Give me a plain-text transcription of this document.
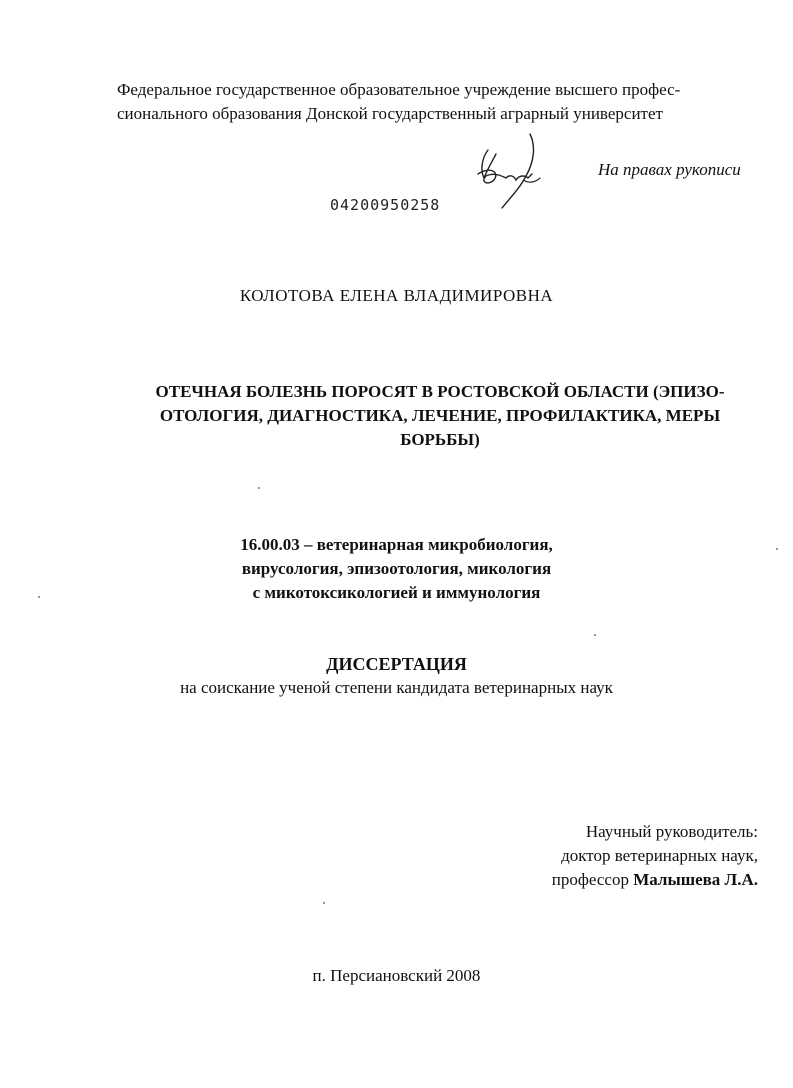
Федеральное государственное образовательное учреждение высшего профес-
сионального образования Донской государственный аграрный университет
На правах рукописи
04200950258
КОЛОТОВА ЕЛЕНА ВЛАДИМИРОВНА
ОТЕЧНАЯ БОЛЕЗНЬ ПОРОСЯТ В РОСТОВСКОЙ ОБЛАСТИ (ЭПИЗО-
ОТОЛОГИЯ, ДИАГНОСТИКА, ЛЕЧЕНИЕ, ПРОФИЛАКТИКА, МЕРЫ
БОРЬБЫ)
16.00.03 – ветеринарная микробиология,
вирусология, эпизоотология, микология
с микотоксикологией и иммунология
ДИССЕРТАЦИЯ
на соискание ученой степени кандидата ветеринарных наук
Научный руководитель:
доктор ветеринарных наук,
профессор Малышева Л.А.
п. Персиановский 2008
